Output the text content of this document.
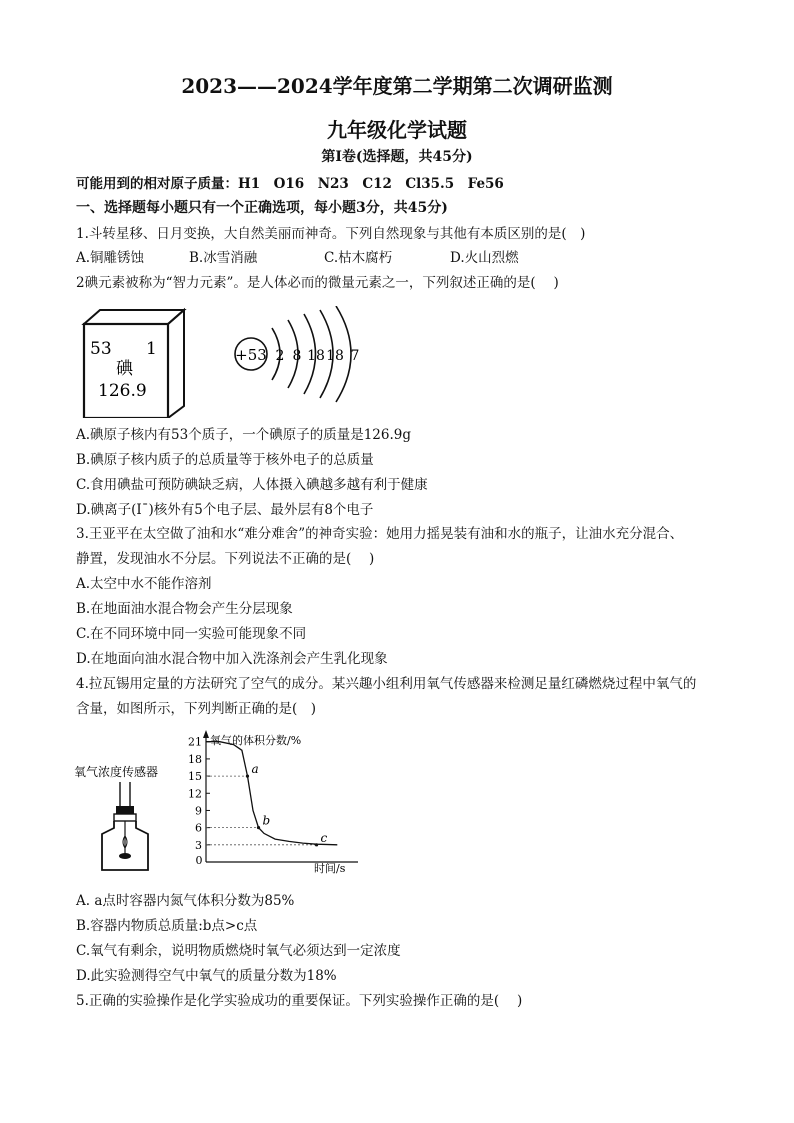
2023——2024学年度第二学期第二次调研监测
九年级化学试题
第Ⅰ卷(选择题，共45分)
可能用到的相对原子质量：H1　O16　N23　C12　Cl35.5　Fe56
一、选择题每小题只有一个正确选项，每小题3分，共45分)
1.斗转星移、日月变换，大自然美丽而神奇。下列自然现象与其他有本质区别的是(　)
A.铜雕锈蚀	B.冰雪消融	C.枯木腐朽	D.火山烈燃
2碘元素被称为“智力元素”。是人体必而的微量元素之一，下列叙述正确的是(　 )
53 1
碘
126.9
+53 2 8 18 18 7
A.碘原子核内有53个质子，一个碘原子的质量是126.9g
B.碘原子核内质子的总质量等于核外电子的总质量
C.食用碘盐可预防碘缺乏病，人体摄入碘越多越有利于健康
D.碘离子(Iˉ)核外有5个电子层、最外层有8个电子
3.王亚平在太空做了油和水“难分难舍”的神奇实验：她用力摇晃装有油和水的瓶子，让油水充分混合、
静置，发现油水不分层。下列说法不正确的是(　 )
A.太空中水不能作溶剂
B.在地面油水混合物会产生分层现象
C.在不同环境中同一实验可能现象不同
D.在地面向油水混合物中加入洗涤剂会产生乳化现象
4.拉瓦锡用定量的方法研究了空气的成分。某兴趣小组利用氧气传感器来检测足量红磷燃烧过程中氧气的
含量，如图所示，下列判断正确的是(　)
氧气浓度传感器
氧气的体积分数/%
时间/s
0
3
6
9
12
15
18
21
a
b
c
A. a点时容器内氮气体积分数为85%
B.容器内物质总质量:b点>c点
C.氧气有剩余，说明物质燃烧时氧气必须达到一定浓度
D.此实验测得空气中氧气的质量分数为18%
5.正确的实验操作是化学实验成功的重要保证。下列实验操作正确的是(　 )
